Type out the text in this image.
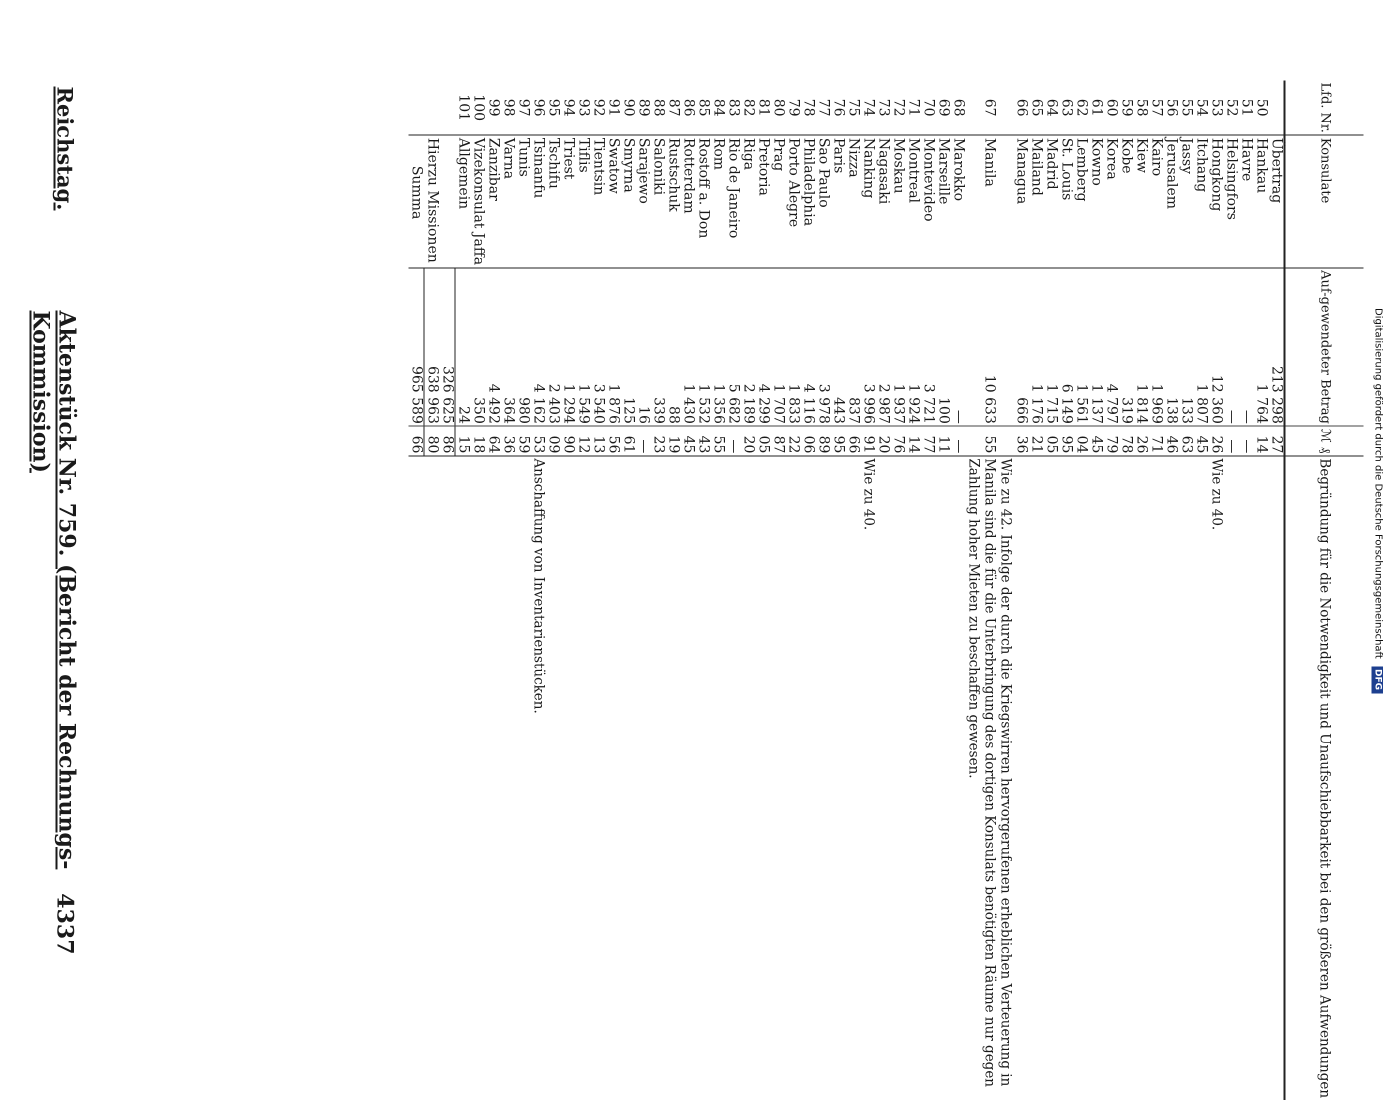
Digitalisierung gefördert durch die Deutsche Forschungsgemeinschaft DFG
Lfd. Nr.	Konsulate	Auf-gewendeter Betrag	ℳ ₰	Begründung für die Notwendigkeit und Unaufschiebbarkeit bei den größeren Aufwendungen
	Übertrag	213 298	27	
50	Hankau	1 764	14	
51	Havre	—	—	
52	Helsingfors	—	—	
53	Hongkong	12 360	26	Wie zu 40.
54	Itchang	1 807	45	
55	Jassy	133	63	
56	Jerusalem	138	46	
57	Kairo	1 969	71	
58	Kiew	1 814	26	
59	Kobe	319	78	
60	Korea	4 797	79	
61	Kowno	1 137	45	
62	Lemberg	1 561	04	
63	St. Louis	6 149	95	
64	Madrid	1 715	05	
65	Mailand	1 176	21	
66	Managua	666	36	
67	Manila	10 633	55	Wie zu 42. Infolge der durch die Kriegswirren hervorgerufenen erheblichen Verteuerung in Manila sind die für die Unterbringung des dortigen Konsulats benötigten Räume nur gegen Zahlung hoher Mieten zu beschaffen gewesen.
68	Marokko	—	—	
69	Marseille	100	11	
70	Montevideo	3 721	77	
71	Montreal	1 924	14	
72	Moskau	1 937	76	
73	Nagasaki	2 987	20	
74	Nanking	3 996	91	Wie zu 40.
75	Nizza	837	66	
76	Paris	443	95	
77	Sao Paulo	3 978	89	
78	Philadelphia	4 116	06	
79	Porto Alegre	1 833	22	
80	Prag	1 707	87	
81	Pretoria	4 299	05	
82	Riga	2 189	20	
83	Rio de Janeiro	5 682	—	
84	Rom	1 356	55	
85	Rostoff a. Don	1 532	43	
86	Rotterdam	1 430	45	
87	Rustschuk	88	19	
88	Saloniki	339	23	
89	Sarajewo	16	—	
90	Smyrna	125	61	
91	Swatow	1 876	56	
92	Tientsin	3 540	13	
93	Tiflis	1 549	12	
94	Triest	1 294	90	
95	Tschifu	2 403	09	
96	Tsinanfu	4 162	53	Anschaffung von Inventarienstücken.
97	Tunis	980	59	
98	Varna	364	36	
99	Zanzibar	4 492	64	
100	Vizekonsulat Jaffa	350	18	
101	Allgemein	24	15	
		326 625	86	
	Hierzu Missionen	638 963	80	
	Summa	965 589	66	
Reichstag.
Aktenstück Nr. 759. (Bericht der Rechnungs-Kommission)
4337
